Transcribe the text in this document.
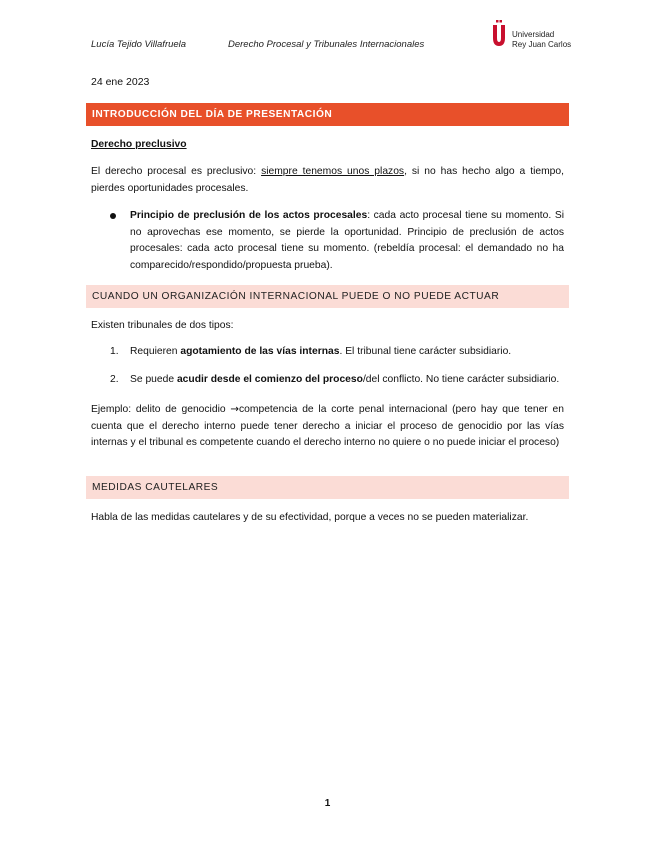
Lucía Tejido Villafruela	Derecho Procesal y Tribunales Internacionales
Universidad
Rey Juan Carlos
24 ene 2023
INTRODUCCIÓN DEL DÍA DE PRESENTACIÓN
Derecho preclusivo
El derecho procesal es preclusivo: siempre tenemos unos plazos, si no has hecho algo a tiempo, pierdes oportunidades procesales.
Principio de preclusión de los actos procesales: cada acto procesal tiene su momento. Si no aprovechas ese momento, se pierde la oportunidad. Principio de preclusión de actos procesales: cada acto procesal tiene su momento. (rebeldía procesal: el demandado no ha comparecido/respondido/propuesta prueba).
CUANDO UN ORGANIZACIÓN INTERNACIONAL PUEDE O NO PUEDE ACTUAR
Existen tribunales de dos tipos:
1. Requieren agotamiento de las vías internas. El tribunal tiene carácter subsidiario.
2. Se puede acudir desde el comienzo del proceso/del conflicto. No tiene carácter subsidiario.
Ejemplo: delito de genocidio →competencia de la corte penal internacional (pero hay que tener en cuenta que el derecho interno puede tener derecho a iniciar el proceso de genocidio por las vías internas y el tribunal es competente cuando el derecho interno no quiere o no puede iniciar el proceso)
MEDIDAS CAUTELARES
Habla de las medidas cautelares y de su efectividad, porque a veces no se pueden materializar.
1
